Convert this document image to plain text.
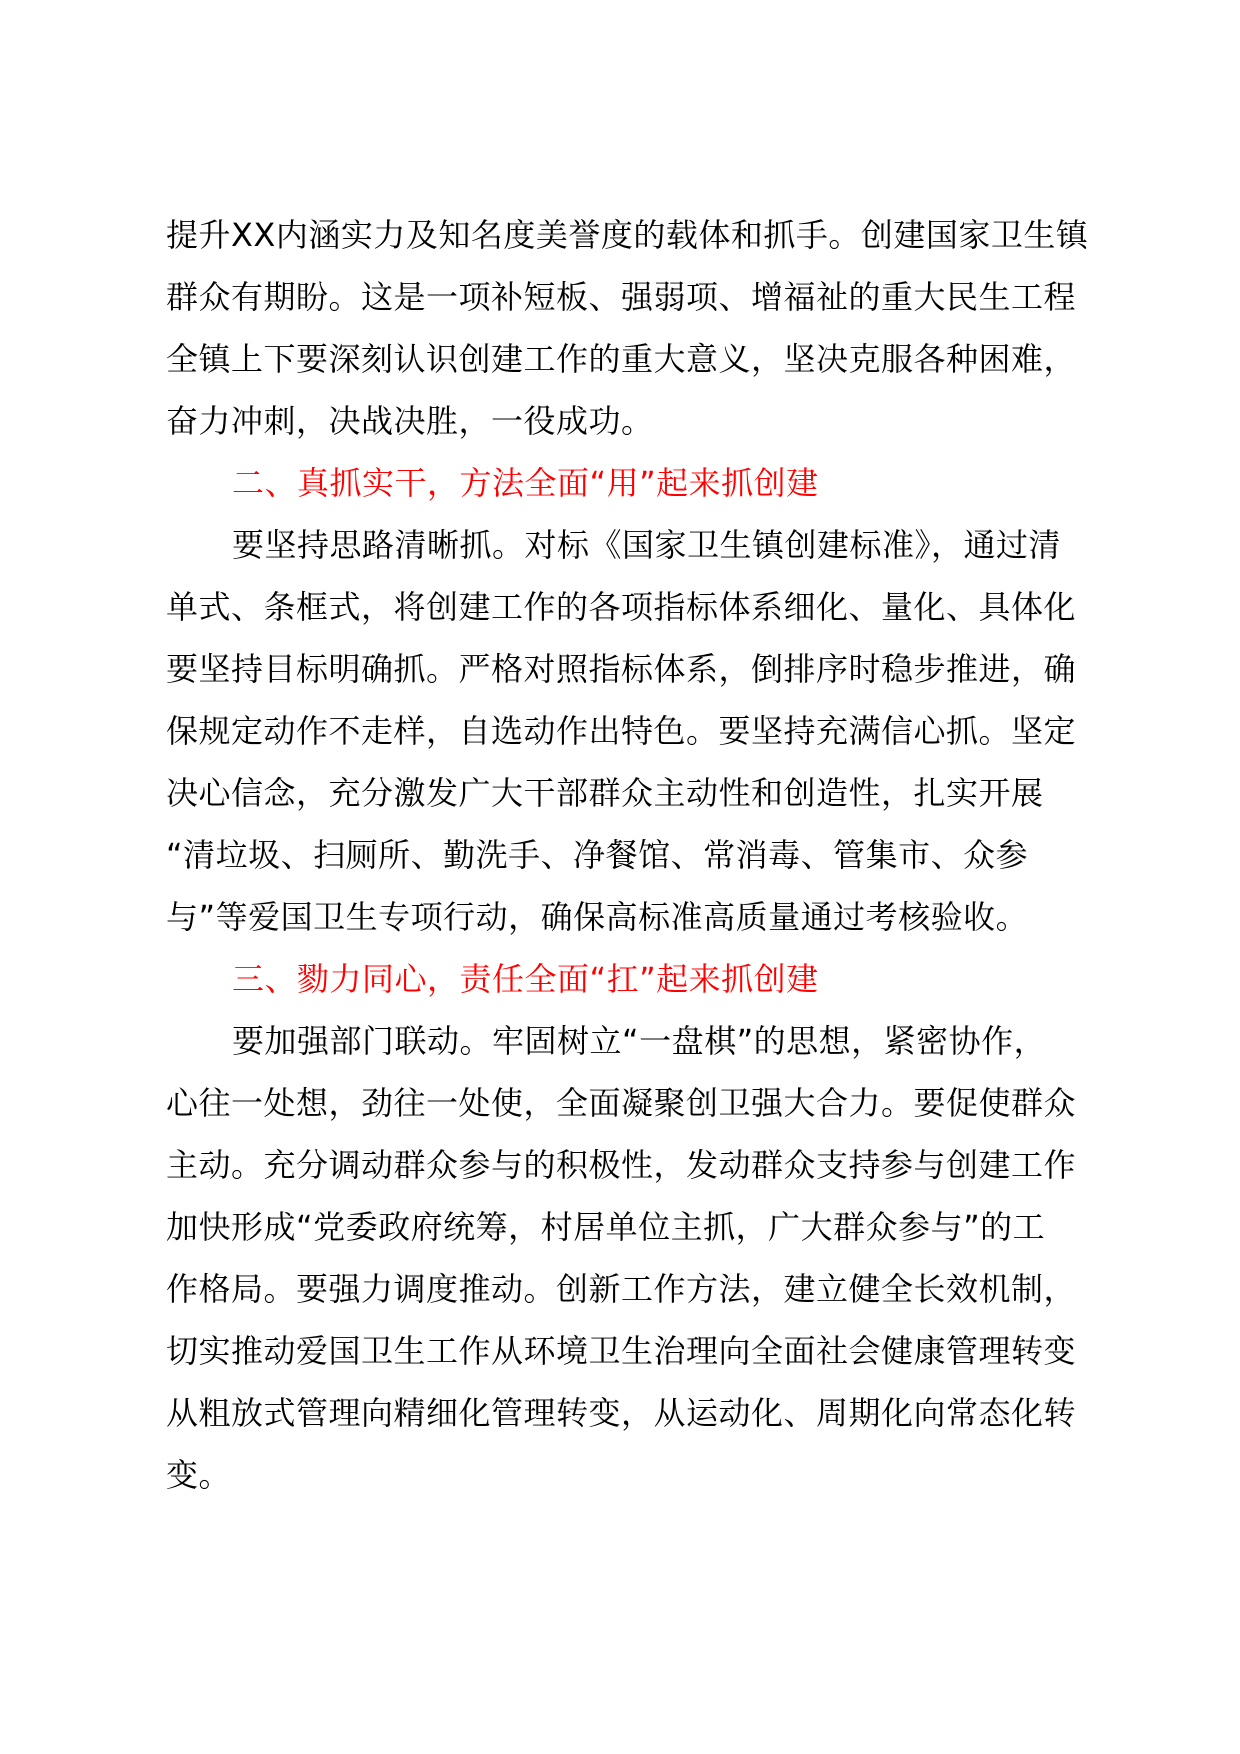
提升XX内涵实力及知名度美誉度的载体和抓手。创建国家卫生镇
群众有期盼。这是一项补短板、强弱项、增福祉的重大民生工程
全镇上下要深刻认识创建工作的重大意义，坚决克服各种困难，
奋力冲刺，决战决胜，一役成功。
二、真抓实干，方法全面“用”起来抓创建
要坚持思路清晰抓。对标《国家卫生镇创建标准》，通过清
单式、条框式，将创建工作的各项指标体系细化、量化、具体化
要坚持目标明确抓。严格对照指标体系，倒排序时稳步推进，确
保规定动作不走样，自选动作出特色。要坚持充满信心抓。坚定
决心信念，充分激发广大干部群众主动性和创造性，扎实开展
“清垃圾、扫厕所、勤洗手、净餐馆、常消毒、管集市、众参
与”等爱国卫生专项行动，确保高标准高质量通过考核验收。
三、勠力同心，责任全面“扛”起来抓创建
要加强部门联动。牢固树立“一盘棋”的思想，紧密协作，
心往一处想，劲往一处使，全面凝聚创卫强大合力。要促使群众
主动。充分调动群众参与的积极性，发动群众支持参与创建工作
加快形成“党委政府统筹，村居单位主抓，广大群众参与”的工
作格局。要强力调度推动。创新工作方法，建立健全长效机制，
切实推动爱国卫生工作从环境卫生治理向全面社会健康管理转变
从粗放式管理向精细化管理转变，从运动化、周期化向常态化转
变。
